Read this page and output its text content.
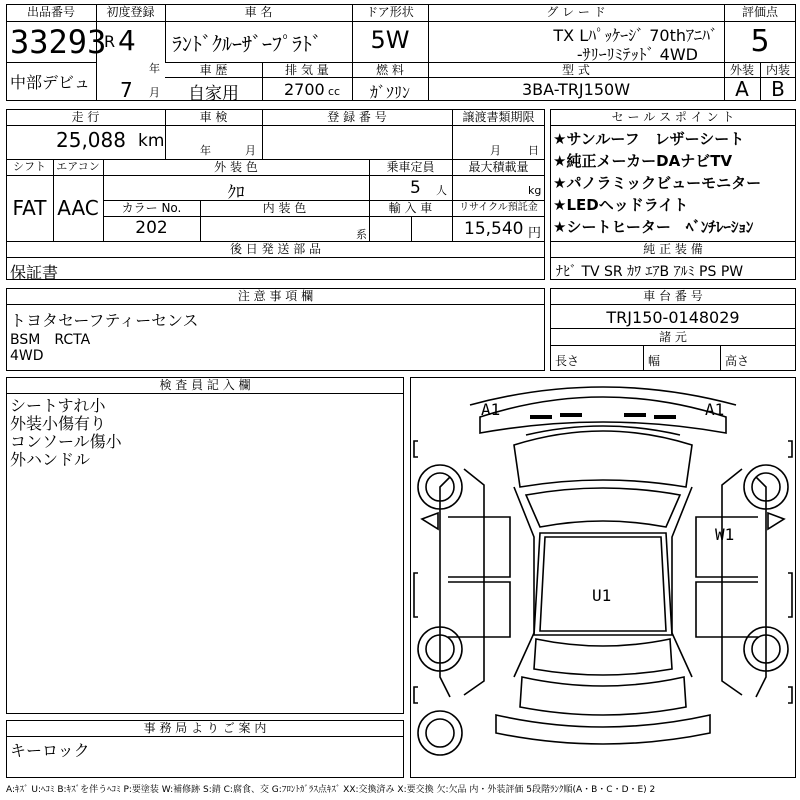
出品番号
33293
中部デビュ
初度登録
R 4
年
7 月
車 名
ﾗﾝﾄﾞｸﾙｰｻﾞｰﾌﾟﾗﾄﾞ
ドア形状
5W
グ レ ー ド
TX Lﾊﾟｯｹｰｼﾞ 70thｱﾆﾊﾞ
-ｻﾘｰﾘﾐﾃｯﾄﾞ 4WD
評価点
5
外装 内装
A	B
車 歴
自家用
排 気 量
2700 cc
燃 料
ｶﾞｿﾘﾝ
型 式
3BA-TRJ150W
走 行
25,088 km
車 検
年	月
登 録 番 号	譲渡書類期限
月 日
シフト
FAT
エアコン
AAC
外 装 色
ｸﾛ
乗車定員
5 人
最大積載量
kg
カラー No.
202
内 装 色
系
輸 入 車	リサイクル預託金
15,540 円
後 日 発 送 部 品
保証書
セ ー ル ス ポ イ ン ト
★サンルーフ　レザーシート
★純正メーカーDAナビTV
★パノラミックビューモニター
★LEDヘッドライト
★シートヒーター　ﾍﾞﾝﾁﾚｰｼｮﾝ
純 正 装 備
ﾅﾋﾞ TV SR ｶﾜ ｴｱB ｱﾙﾐ PS PW
注 意 事 項 欄
トヨタセーフティーセンス
BSM　RCTA
4WD
車 台 番 号
TRJ150-0148029
諸 元
長さ	幅	高さ
検 査 員 記 入 欄
シートすれ小
外装小傷有り
コンソール傷小
外ハンドル
事 務 局 よ り ご 案 内
キーロック
A1	A1
W1
U1
A:ｷｽﾞ U:ﾍｺﾐ B:ｷｽﾞを伴うﾍｺﾐ P:要塗装 W:補修跡 S:錆 C:腐食、交 G:ﾌﾛﾝﾄｶﾞﾗｽ点ｷｽﾞ XX:交換済み X:要交換 欠:欠品 内・外装評価 5段階ﾗﾝｸ順(A・B・C・D・E) 2
